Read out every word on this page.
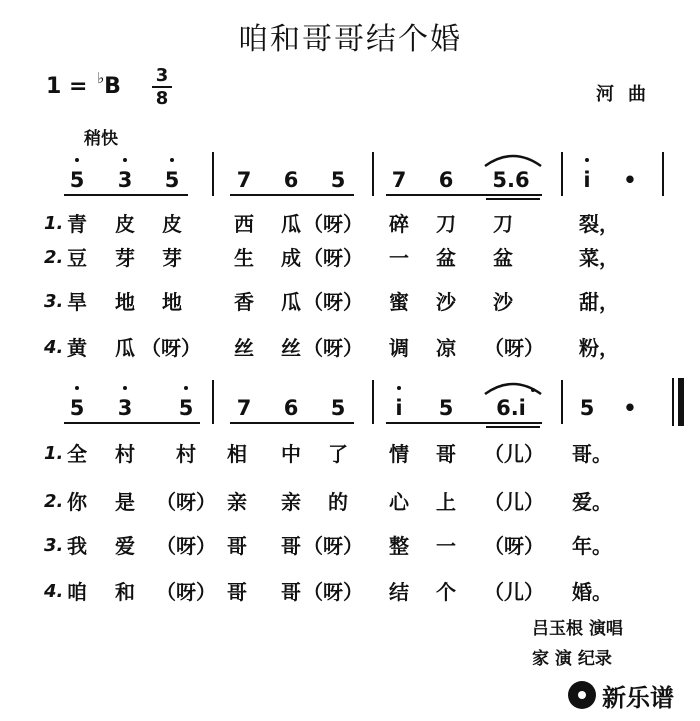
咱和哥哥结个婚
1 = ♭B 3
8	河曲
稍快
5 3 5	7 6 5 7 6	5.6	i	•
1. 青	皮	皮	西	瓜 （呀）	碎	刀	刀	裂，
2. 豆	芽	芽	生	成 （呀）	一	盆	盆	菜，
3. 旱	地	地	香	瓜 （呀）	蜜	沙	沙	甜，
4. 黄	瓜 （呀）	丝	丝 （呀）	调	凉	（呀）	粉，
5 3 5 7 6 5	i	5	6.i	5 •
1. 全	村	村	相	中	了	情	哥	（儿）	哥。
2. 你	是	（呀） 亲	亲	的	心	上	（儿）	爱。
3. 我	爱	（呀） 哥	哥 （呀）	整	一	（呀）	年。
4. 咱	和	（呀） 哥	哥 （呀）	结	个	（儿）	婚。
吕玉根 演唱
家 演 纪录
新乐谱
